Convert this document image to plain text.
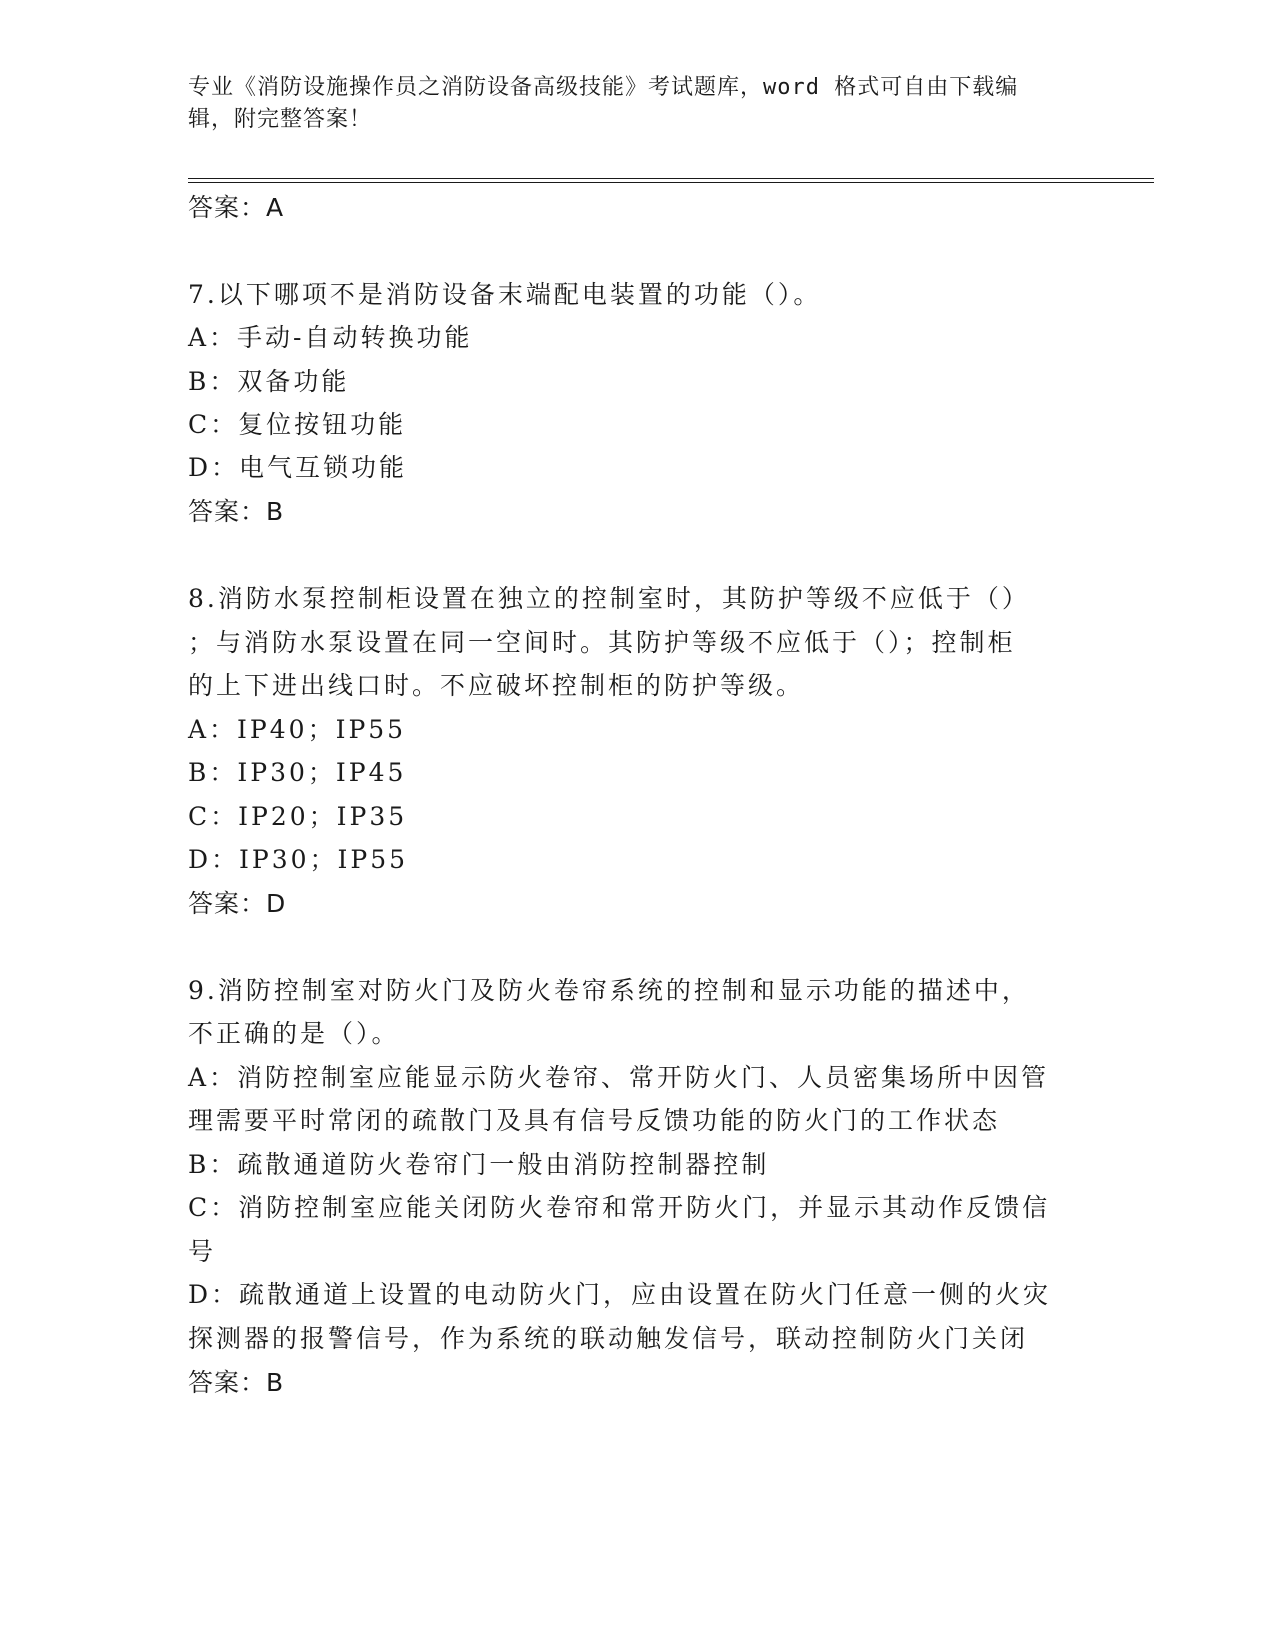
专业《消防设施操作员之消防设备高级技能》考试题库，word 格式可自由下载编
辑，附完整答案！
答案：A
7.以下哪项不是消防设备末端配电装置的功能（）。
A：手动-自动转换功能
B：双备功能
C：复位按钮功能
D：电气互锁功能
答案：B
8.消防水泵控制柜设置在独立的控制室时，其防护等级不应低于（）
；与消防水泵设置在同一空间时。其防护等级不应低于（）；控制柜
的上下进出线口时。不应破坏控制柜的防护等级。
A：IP40；IP55
B：IP30；IP45
C：IP20；IP35
D：IP30；IP55
答案：D
9.消防控制室对防火门及防火卷帘系统的控制和显示功能的描述中，
不正确的是（）。
A：消防控制室应能显示防火卷帘、常开防火门、人员密集场所中因管
理需要平时常闭的疏散门及具有信号反馈功能的防火门的工作状态
B：疏散通道防火卷帘门一般由消防控制器控制
C：消防控制室应能关闭防火卷帘和常开防火门，并显示其动作反馈信
号
D：疏散通道上设置的电动防火门，应由设置在防火门任意一侧的火灾
探测器的报警信号，作为系统的联动触发信号，联动控制防火门关闭
答案：B
